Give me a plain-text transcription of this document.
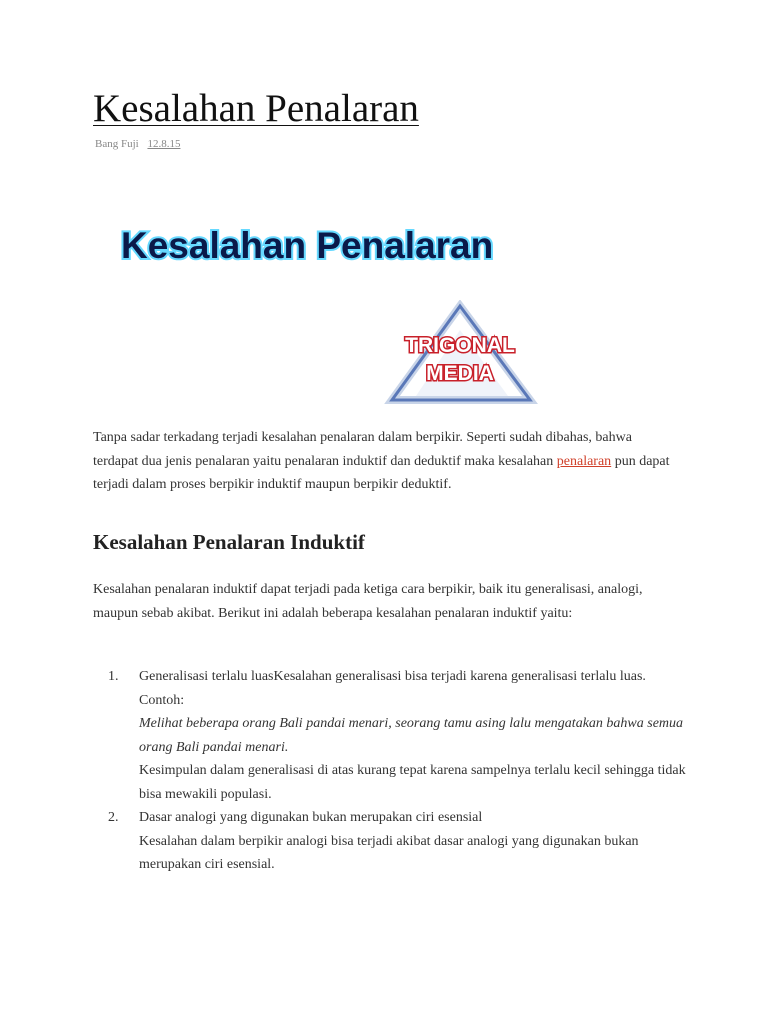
Kesalahan Penalaran
Bang Fuji 12.8.15
Kesalahan Penalaran
TRIGONAL
MEDIA

Tanpa sadar terkadang terjadi kesalahan penalaran dalam berpikir. Seperti sudah dibahas, bahwa terdapat dua jenis penalaran yaitu penalaran induktif dan deduktif maka kesalahan penalaran pun dapat terjadi dalam proses berpikir induktif maupun berpikir deduktif.

Kesalahan Penalaran Induktif

Kesalahan penalaran induktif dapat terjadi pada ketiga cara berpikir, baik itu generalisasi, analogi, maupun sebab akibat. Berikut ini adalah beberapa kesalahan penalaran induktif yaitu:

1. Generalisasi terlalu luasKesalahan generalisasi bisa terjadi karena generalisasi terlalu luas.
Contoh:
Melihat beberapa orang Bali pandai menari, seorang tamu asing lalu mengatakan bahwa semua orang Bali pandai menari.
Kesimpulan dalam generalisasi di atas kurang tepat karena sampelnya terlalu kecil sehingga tidak bisa mewakili populasi.
2. Dasar analogi yang digunakan bukan merupakan ciri esensial
Kesalahan dalam berpikir analogi bisa terjadi akibat dasar analogi yang digunakan bukan merupakan ciri esensial.
